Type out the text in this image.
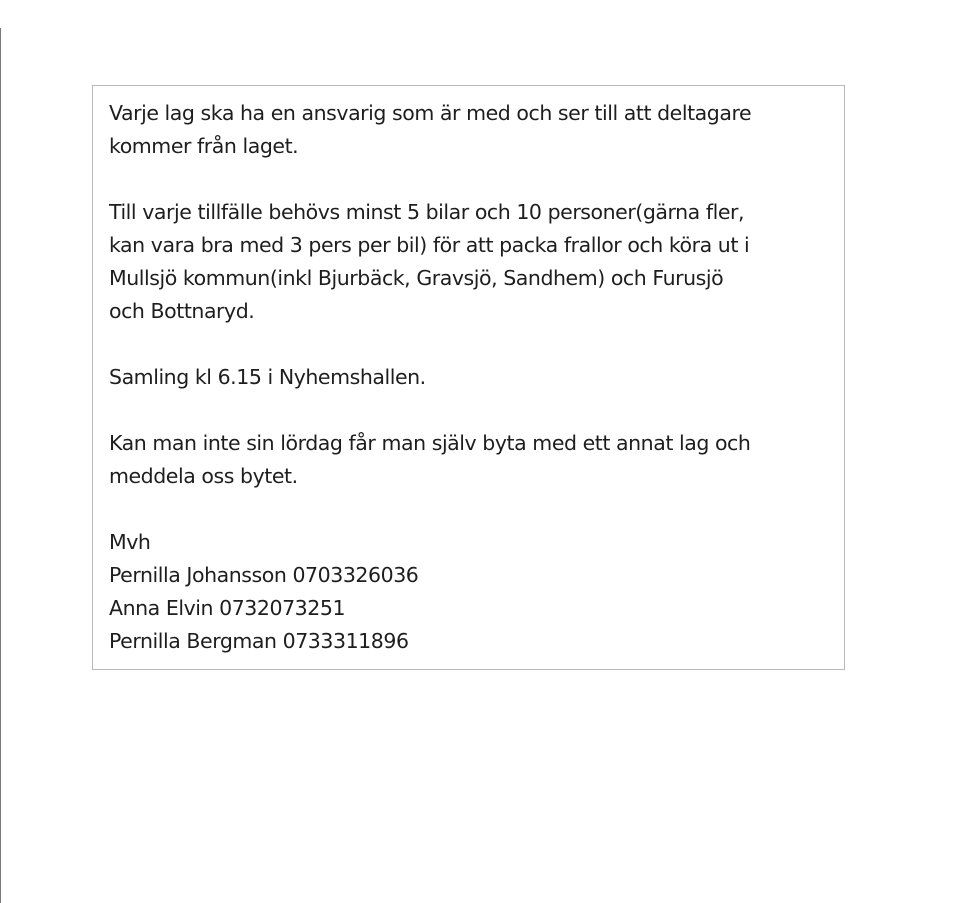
Varje lag ska ha en ansvarig som är med och ser till att deltagare
kommer från laget.

Till varje tillfälle behövs minst 5 bilar och 10 personer(gärna fler,
kan vara bra med 3 pers per bil) för att packa frallor och köra ut i
Mullsjö kommun(inkl Bjurbäck, Gravsjö, Sandhem) och Furusjö
och Bottnaryd.

Samling kl 6.15 i Nyhemshallen.

Kan man inte sin lördag får man själv byta med ett annat lag och
meddela oss bytet.

Mvh
Pernilla Johansson 0703326036
Anna Elvin 0732073251
Pernilla Bergman 0733311896
